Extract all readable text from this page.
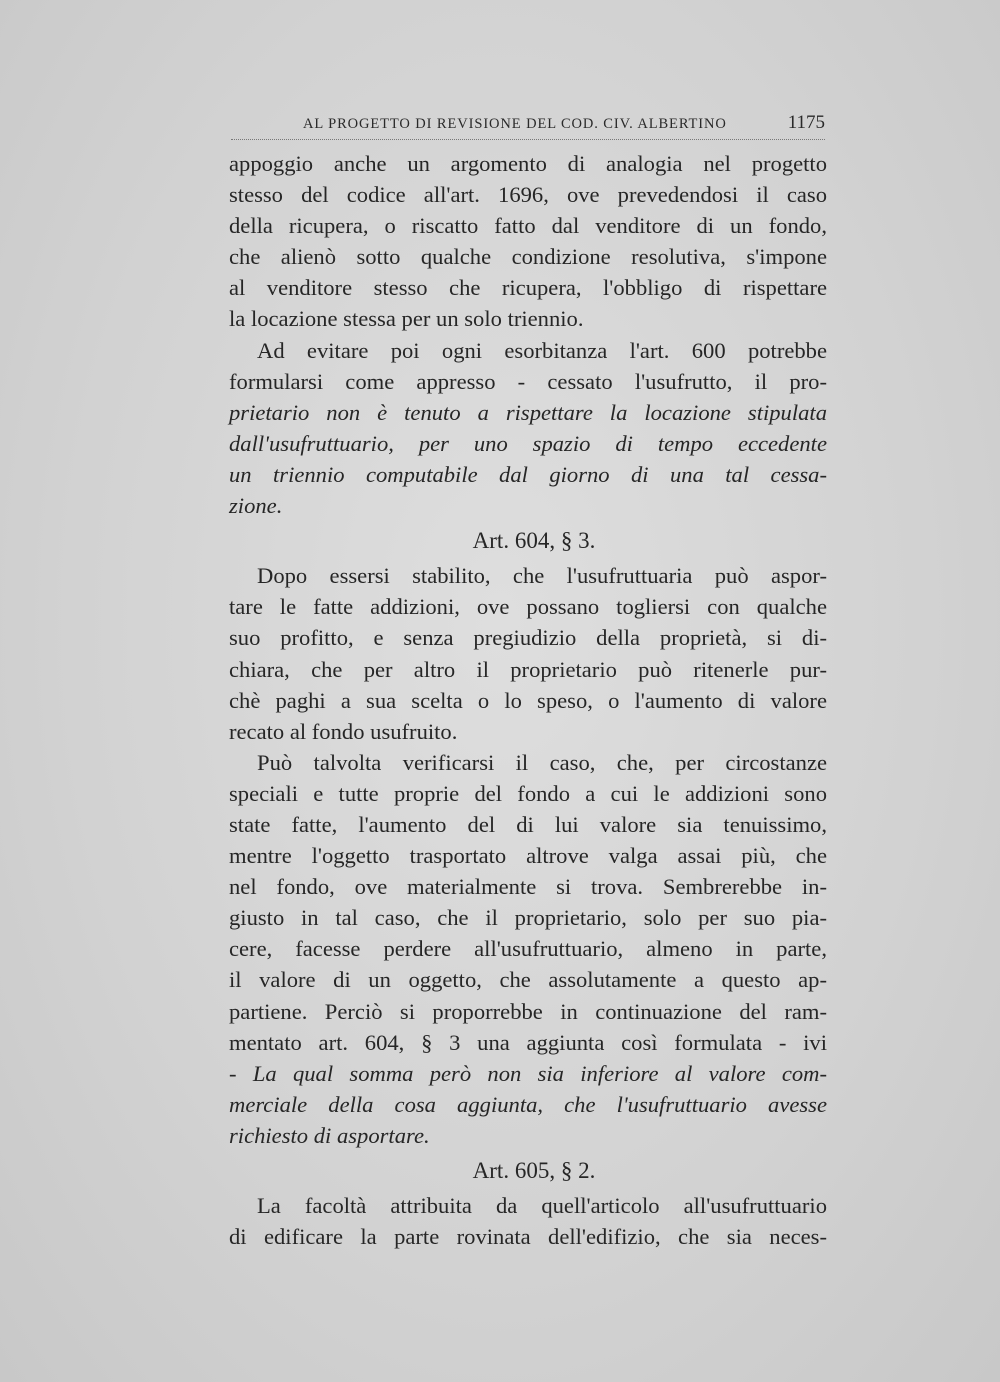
AL PROGETTO DI REVISIONE DEL COD. CIV. ALBERTINO	1175
appoggio anche un argomento di analogia nel progetto
stesso del codice all'art. 1696, ove prevedendosi il caso
della ricupera, o riscatto fatto dal venditore di un fondo,
che alienò sotto qualche condizione resolutiva, s'impone
al venditore stesso che ricupera, l'obbligo di rispettare
la locazione stessa per un solo triennio.
Ad evitare poi ogni esorbitanza l'art. 600 potrebbe
formularsi come appresso - cessato l'usufrutto, il pro-
prietario non è tenuto a rispettare la locazione stipulata
dall'usufruttuario, per uno spazio di tempo eccedente
un triennio computabile dal giorno di una tal cessa-
zione.
Art. 604, § 3.
Dopo essersi stabilito, che l'usufruttuaria può aspor-
tare le fatte addizioni, ove possano togliersi con qualche
suo profitto, e senza pregiudizio della proprietà, si di-
chiara, che per altro il proprietario può ritenerle pur-
chè paghi a sua scelta o lo speso, o l'aumento di valore
recato al fondo usufruito.
Può talvolta verificarsi il caso, che, per circostanze
speciali e tutte proprie del fondo a cui le addizioni sono
state fatte, l'aumento del di lui valore sia tenuissimo,
mentre l'oggetto trasportato altrove valga assai più, che
nel fondo, ove materialmente si trova. Sembrerebbe in-
giusto in tal caso, che il proprietario, solo per suo pia-
cere, facesse perdere all'usufruttuario, almeno in parte,
il valore di un oggetto, che assolutamente a questo ap-
partiene. Perciò si proporrebbe in continuazione del ram-
mentato art. 604, § 3 una aggiunta così formulata - ivi
- La qual somma però non sia inferiore al valore com-
merciale della cosa aggiunta, che l'usufruttuario avesse
richiesto di asportare.
Art. 605, § 2.
La facoltà attribuita da quell'articolo all'usufruttuario
di edificare la parte rovinata dell'edifizio, che sia neces-
